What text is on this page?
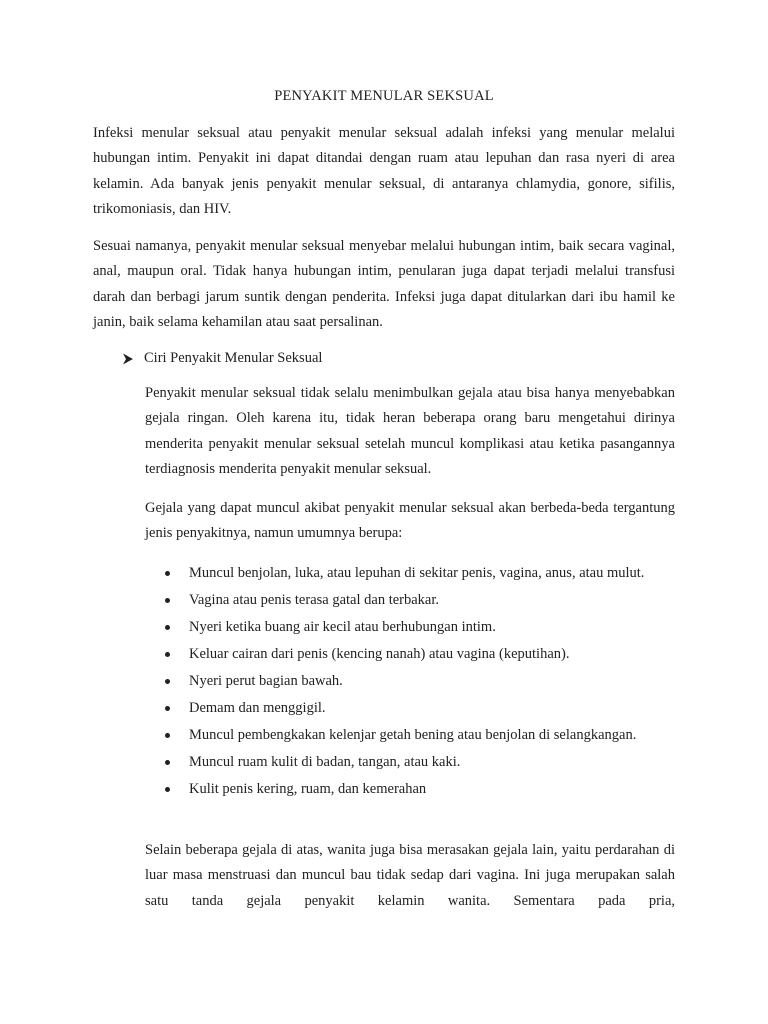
PENYAKIT MENULAR SEKSUAL

Infeksi menular seksual atau penyakit menular seksual adalah infeksi yang menular melalui hubungan intim. Penyakit ini dapat ditandai dengan ruam atau lepuhan dan rasa nyeri di area kelamin. Ada banyak jenis penyakit menular seksual, di antaranya chlamydia, gonore, sifilis, trikomoniasis, dan HIV.

Sesuai namanya, penyakit menular seksual menyebar melalui hubungan intim, baik secara vaginal, anal, maupun oral. Tidak hanya hubungan intim, penularan juga dapat terjadi melalui transfusi darah dan berbagi jarum suntik dengan penderita. Infeksi juga dapat ditularkan dari ibu hamil ke janin, baik selama kehamilan atau saat persalinan.

Ciri Penyakit Menular Seksual

Penyakit menular seksual tidak selalu menimbulkan gejala atau bisa hanya menyebabkan gejala ringan. Oleh karena itu, tidak heran beberapa orang baru mengetahui dirinya menderita penyakit menular seksual setelah muncul komplikasi atau ketika pasangannya terdiagnosis menderita penyakit menular seksual.

Gejala yang dapat muncul akibat penyakit menular seksual akan berbeda-beda tergantung jenis penyakitnya, namun umumnya berupa:

Muncul benjolan, luka, atau lepuhan di sekitar penis, vagina, anus, atau mulut.
Vagina atau penis terasa gatal dan terbakar.
Nyeri ketika buang air kecil atau berhubungan intim.
Keluar cairan dari penis (kencing nanah) atau vagina (keputihan).
Nyeri perut bagian bawah.
Demam dan menggigil.
Muncul pembengkakan kelenjar getah bening atau benjolan di selangkangan.
Muncul ruam kulit di badan, tangan, atau kaki.
Kulit penis kering, ruam, dan kemerahan

Selain beberapa gejala di atas, wanita juga bisa merasakan gejala lain, yaitu perdarahan di luar masa menstruasi dan muncul bau tidak sedap dari vagina. Ini juga merupakan salah satu tanda gejala penyakit kelamin wanita. Sementara pada pria,
